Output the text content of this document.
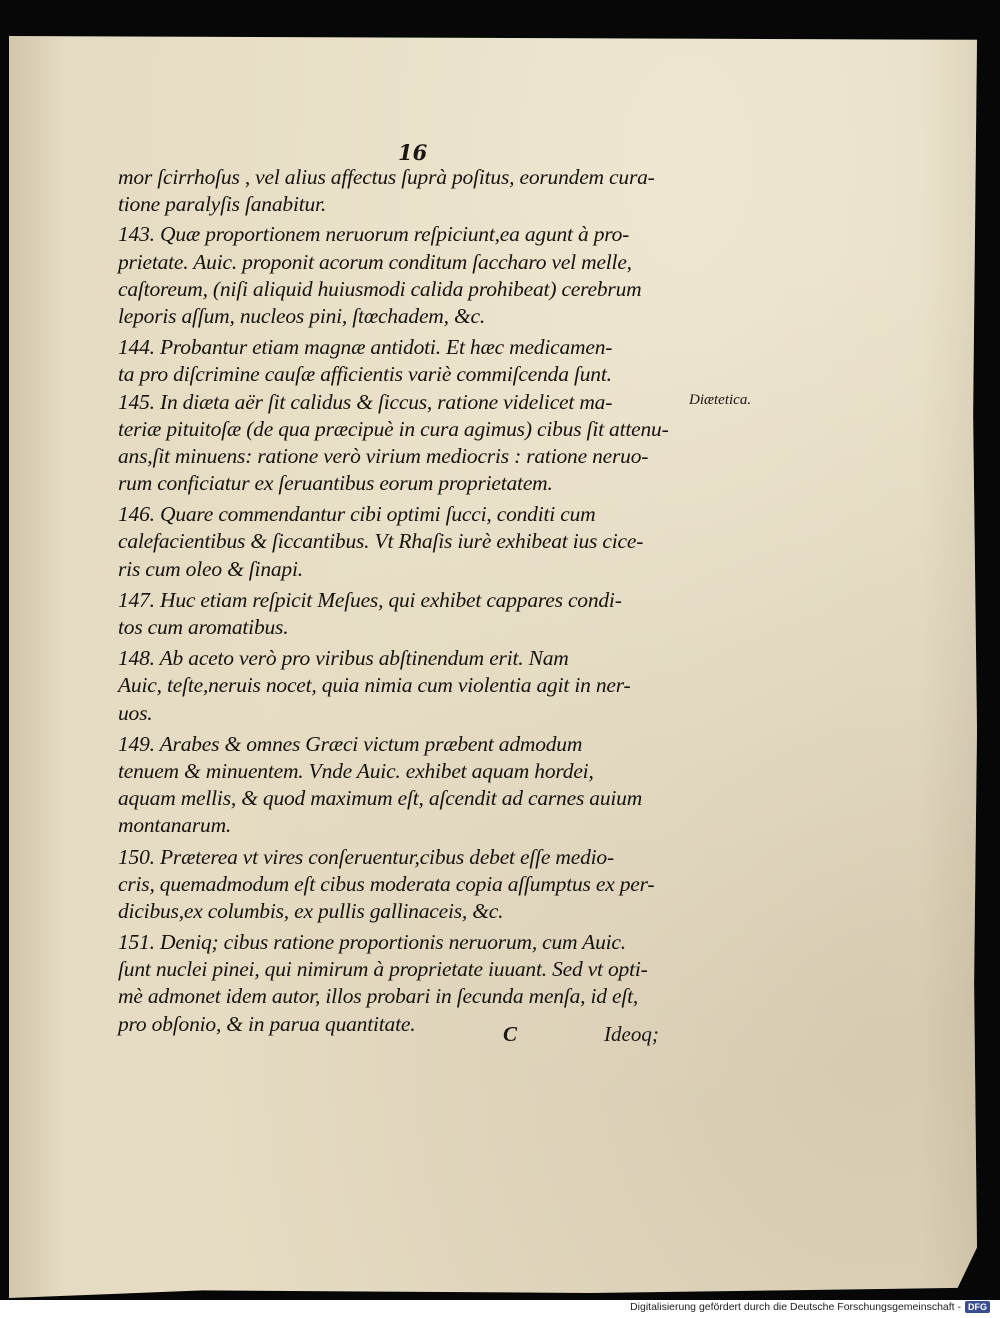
16
Diætetica.
mor ſcirrhoſus , vel alius affectus ſuprà poſitus, eorundem cura-
tione paralyſis ſanabitur.
143. Quæ proportionem neruorum reſpiciunt,ea agunt à pro-
prietate. Auic. proponit acorum conditum ſaccharo vel melle,
caſtoreum, (niſi aliquid huiusmodi calida prohibeat) cerebrum
leporis aſſum, nucleos pini, ſtœchadem, &c.
144. Probantur etiam magnæ antidoti. Et hæc medicamen-
ta pro diſcrimine cauſæ afficientis variè commiſcenda ſunt.
145. In diæta aër ſit calidus & ſiccus, ratione videlicet ma-
teriæ pituitoſæ (de qua præcipuè in cura agimus) cibus ſit attenu-
ans,ſit minuens: ratione verò virium mediocris : ratione neruo-
rum conficiatur ex ſeruantibus eorum proprietatem.
146. Quare commendantur cibi optimi ſucci, conditi cum
calefacientibus & ſiccantibus. Vt Rhaſis iurè exhibeat ius cice-
ris cum oleo & ſinapi.
147. Huc etiam reſpicit Meſues, qui exhibet cappares condi-
tos cum aromatibus.
148. Ab aceto verò pro viribus abſtinendum erit. Nam
Auic, teſte,neruis nocet, quia nimia cum violentia agit in ner-
uos.
149. Arabes & omnes Græci victum præbent admodum
tenuem & minuentem. Vnde Auic. exhibet aquam hordei,
aquam mellis, & quod maximum eſt, aſcendit ad carnes auium
montanarum.
150. Præterea vt vires conſeruentur,cibus debet eſſe medio-
cris, quemadmodum eſt cibus moderata copia aſſumptus ex per-
dicibus,ex columbis, ex pullis gallinaceis, &c.
151. Deniq; cibus ratione proportionis neruorum, cum Auic.
ſunt nuclei pinei, qui nimirum à proprietate iuuant. Sed vt opti-
mè admonet idem autor, illos probari in ſecunda menſa, id eſt,
pro obſonio, & in parua quantitate.	C	Ideoq;
Digitalisierung gefördert durch die Deutsche Forschungsgemeinschaft - DFG
